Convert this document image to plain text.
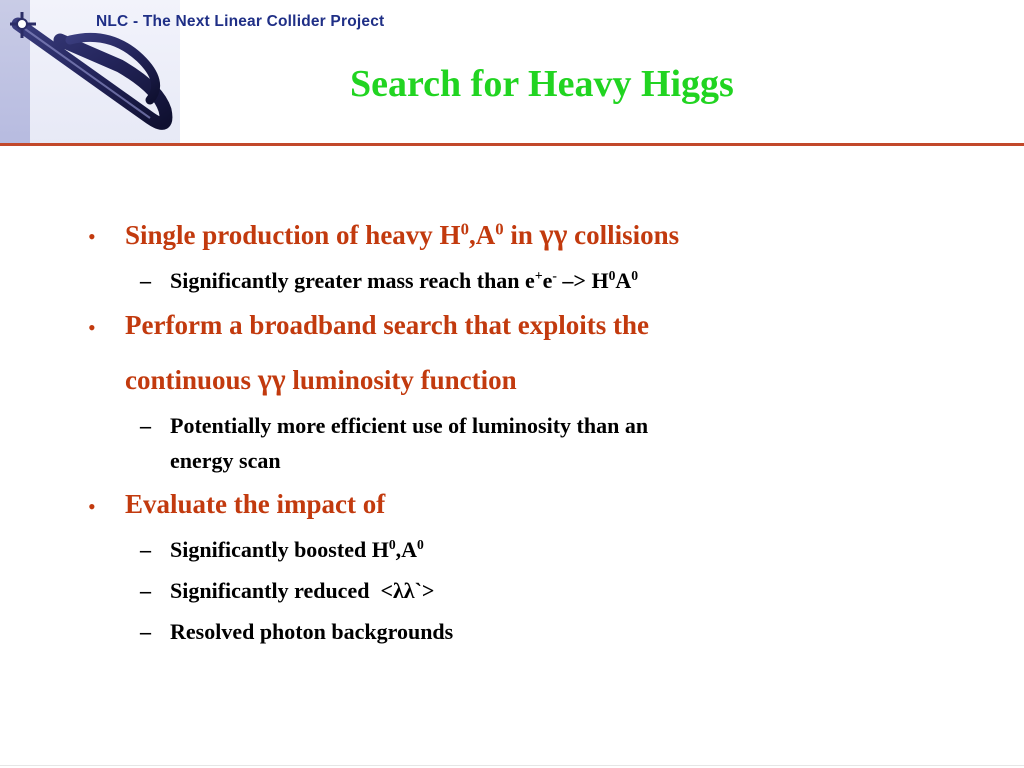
NLC - The Next Linear Collider Project
Search for Heavy Higgs
• Single production of heavy $H^0,A^0$ in γγ collisions
– Significantly greater mass reach than $e^+e^- -> H^0A^0$
• Perform a broadband search that exploits the
continuous γγ luminosity function
– Potentially more efficient use of luminosity than an
energy scan
• Evaluate the impact of
– Significantly boosted $H^0,A^0$
– Significantly reduced  <λλ`>
– Resolved photon backgrounds
